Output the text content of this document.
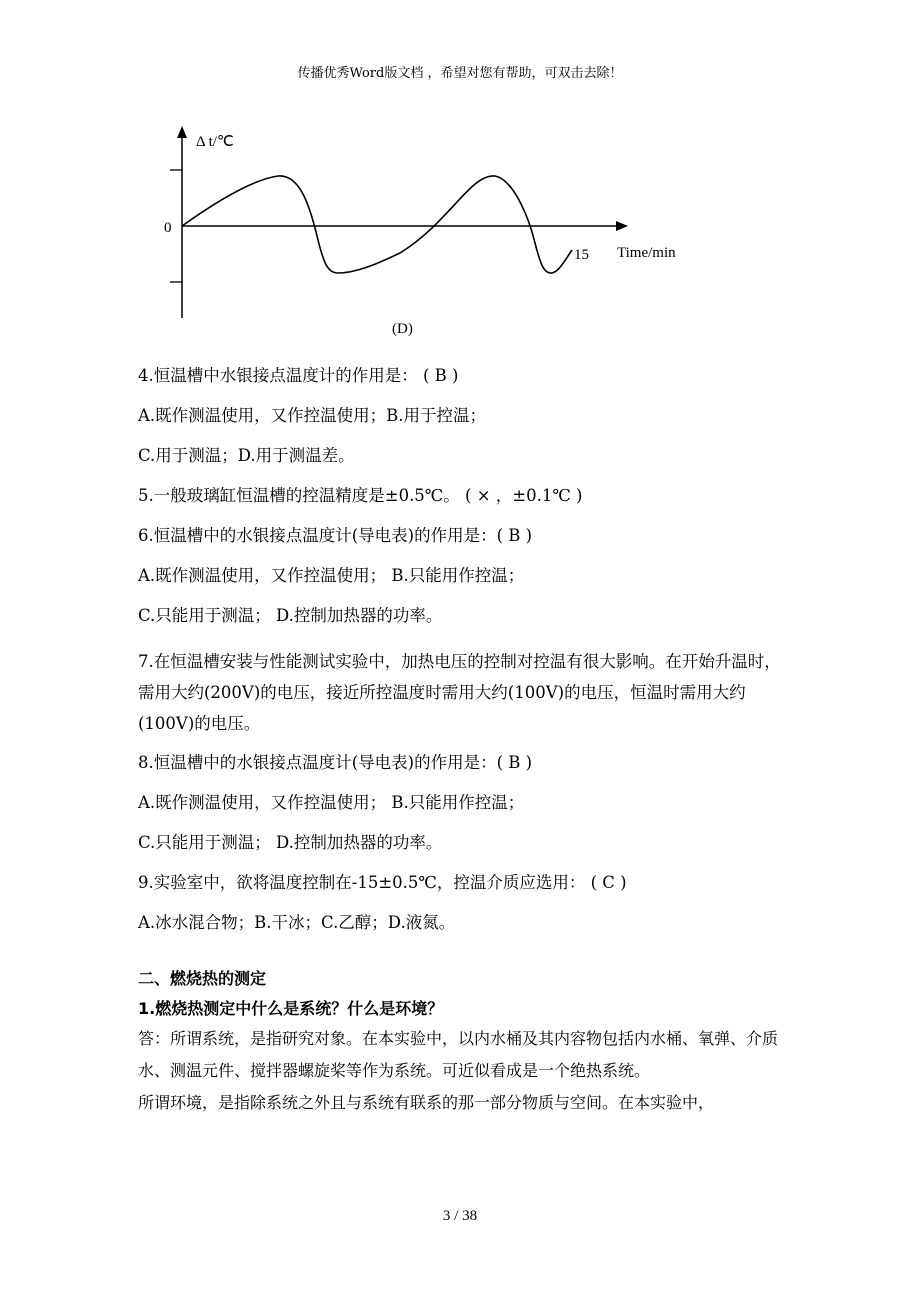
传播优秀Word版文档 ，希望对您有帮助，可双击去除！
Δ t/℃
0
15 Time/min
(D)
4.恒温槽中水银接点温度计的作用是： ( B )
A.既作测温使用，又作控温使用；B.用于控温；
C.用于测温；D.用于测温差。
5.一般玻璃缸恒温槽的控温精度是±0.5℃。 ( × ，±0.1℃ )
6.恒温槽中的水银接点温度计(导电表)的作用是：( B )
A.既作测温使用，又作控温使用； B.只能用作控温；
C.只能用于测温； D.控制加热器的功率。
7.在恒温槽安装与性能测试实验中，加热电压的控制对控温有很大影响。在开始升温时，需用大约(200V)的电压，接近所控温度时需用大约(100V)的电压，恒温时需用大约(100V)的电压。
8.恒温槽中的水银接点温度计(导电表)的作用是：( B )
A.既作测温使用，又作控温使用； B.只能用作控温；
C.只能用于测温； D.控制加热器的功率。
9.实验室中，欲将温度控制在-15±0.5℃，控温介质应选用： ( C )
A.冰水混合物；B.干冰；C.乙醇；D.液氮。
二、燃烧热的测定
1.燃烧热测定中什么是系统？什么是环境？
答：所谓系统，是指研究对象。在本实验中，以内水桶及其内容物包括内水桶、氧弹、介质水、测温元件、搅拌器螺旋桨等作为系统。可近似看成是一个绝热系统。
所谓环境，是指除系统之外且与系统有联系的那一部分物质与空间。在本实验中，
3 / 38
